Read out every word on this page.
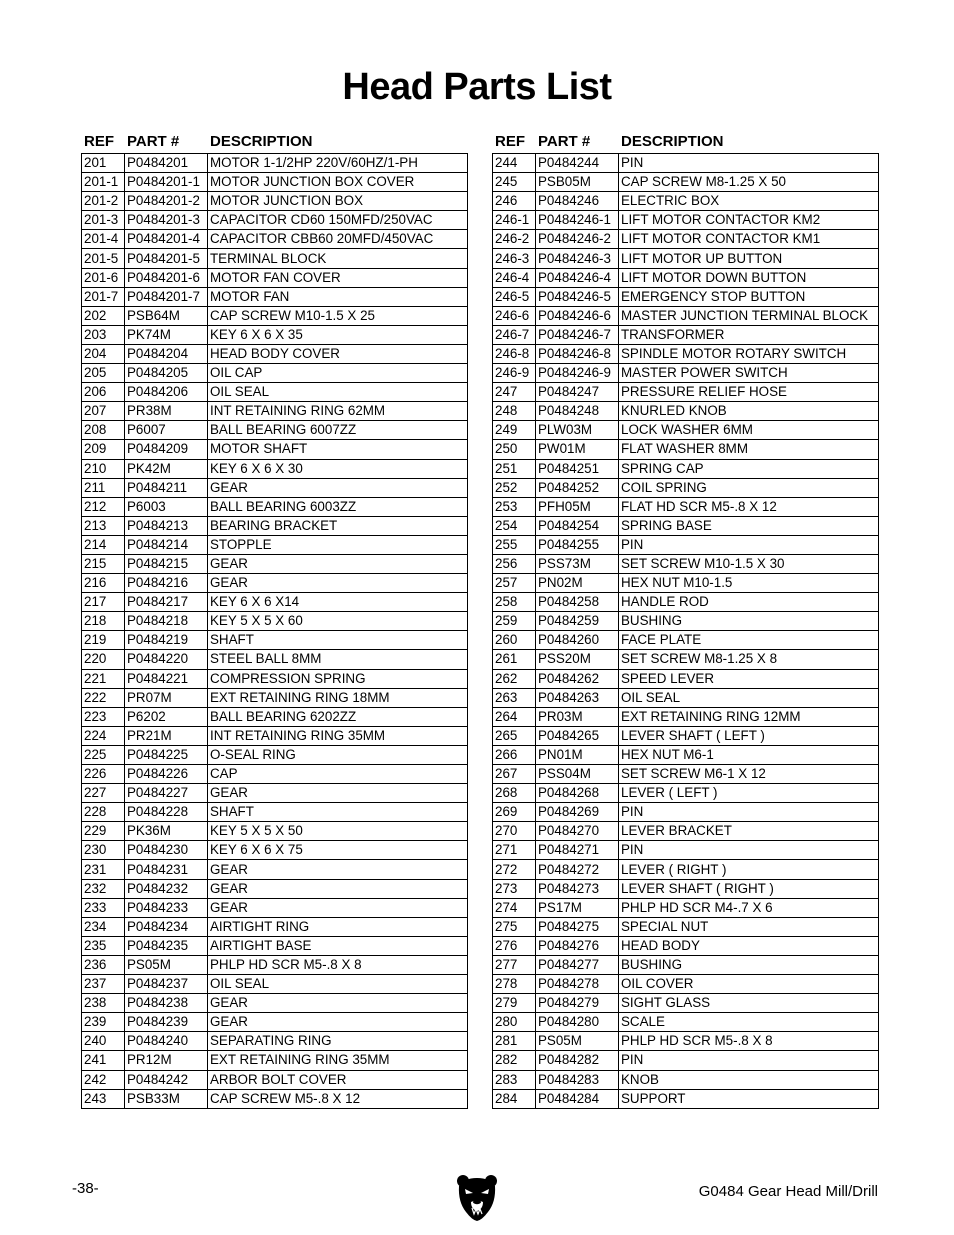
Head Parts List
REF PART # DESCRIPTION
201	P0484201	MOTOR 1-1/2HP 220V/60HZ/1-PH
201-1	P0484201-1	MOTOR JUNCTION BOX COVER
201-2	P0484201-2	MOTOR JUNCTION BOX
201-3	P0484201-3	CAPACITOR CD60 150MFD/250VAC
201-4	P0484201-4	CAPACITOR CBB60 20MFD/450VAC
201-5	P0484201-5	TERMINAL BLOCK
201-6	P0484201-6	MOTOR FAN COVER
201-7	P0484201-7	MOTOR FAN
202	PSB64M	CAP SCREW M10-1.5 X 25
203	PK74M	KEY 6 X 6 X 35
204	P0484204	HEAD BODY COVER
205	P0484205	OIL CAP
206	P0484206	OIL SEAL
207	PR38M	INT RETAINING RING 62MM
208	P6007	BALL BEARING 6007ZZ
209	P0484209	MOTOR SHAFT
210	PK42M	KEY 6 X 6 X 30
211	P0484211	GEAR
212	P6003	BALL BEARING 6003ZZ
213	P0484213	BEARING BRACKET
214	P0484214	STOPPLE
215	P0484215	GEAR
216	P0484216	GEAR
217	P0484217	KEY 6 X 6 X14
218	P0484218	KEY 5 X 5 X 60
219	P0484219	SHAFT
220	P0484220	STEEL BALL 8MM
221	P0484221	COMPRESSION SPRING
222	PR07M	EXT RETAINING RING 18MM
223	P6202	BALL BEARING 6202ZZ
224	PR21M	INT RETAINING RING 35MM
225	P0484225	O-SEAL RING
226	P0484226	CAP
227	P0484227	GEAR
228	P0484228	SHAFT
229	PK36M	KEY 5 X 5 X 50
230	P0484230	KEY 6 X 6 X 75
231	P0484231	GEAR
232	P0484232	GEAR
233	P0484233	GEAR
234	P0484234	AIRTIGHT RING
235	P0484235	AIRTIGHT BASE
236	PS05M	PHLP HD SCR M5-.8 X 8
237	P0484237	OIL SEAL
238	P0484238	GEAR
239	P0484239	GEAR
240	P0484240	SEPARATING RING
241	PR12M	EXT RETAINING RING 35MM
242	P0484242	ARBOR BOLT COVER
243	PSB33M	CAP SCREW M5-.8 X 12
REF PART # DESCRIPTION
244	P0484244	PIN
245	PSB05M	CAP SCREW M8-1.25 X 50
246	P0484246	ELECTRIC BOX
246-1	P0484246-1	LIFT MOTOR CONTACTOR KM2
246-2	P0484246-2	LIFT MOTOR CONTACTOR KM1
246-3	P0484246-3	LIFT MOTOR UP BUTTON
246-4	P0484246-4	LIFT MOTOR DOWN BUTTON
246-5	P0484246-5	EMERGENCY STOP BUTTON
246-6	P0484246-6	MASTER JUNCTION TERMINAL BLOCK
246-7	P0484246-7	TRANSFORMER
246-8	P0484246-8	SPINDLE MOTOR ROTARY SWITCH
246-9	P0484246-9	MASTER POWER SWITCH
247	P0484247	PRESSURE RELIEF HOSE
248	P0484248	KNURLED KNOB
249	PLW03M	LOCK WASHER 6MM
250	PW01M	FLAT WASHER 8MM
251	P0484251	SPRING CAP
252	P0484252	COIL SPRING
253	PFH05M	FLAT HD SCR M5-.8 X 12
254	P0484254	SPRING BASE
255	P0484255	PIN
256	PSS73M	SET SCREW M10-1.5 X 30
257	PN02M	HEX NUT M10-1.5
258	P0484258	HANDLE ROD
259	P0484259	BUSHING
260	P0484260	FACE PLATE
261	PSS20M	SET SCREW M8-1.25 X 8
262	P0484262	SPEED LEVER
263	P0484263	OIL SEAL
264	PR03M	EXT RETAINING RING 12MM
265	P0484265	LEVER SHAFT ( LEFT )
266	PN01M	HEX NUT M6-1
267	PSS04M	SET SCREW M6-1 X 12
268	P0484268	LEVER ( LEFT )
269	P0484269	PIN
270	P0484270	LEVER BRACKET
271	P0484271	PIN
272	P0484272	LEVER ( RIGHT )
273	P0484273	LEVER SHAFT ( RIGHT )
274	PS17M	PHLP HD SCR M4-.7 X 6
275	P0484275	SPECIAL NUT
276	P0484276	HEAD BODY
277	P0484277	BUSHING
278	P0484278	OIL COVER
279	P0484279	SIGHT GLASS
280	P0484280	SCALE
281	PS05M	PHLP HD SCR M5-.8 X 8
282	P0484282	PIN
283	P0484283	KNOB
284	P0484284	SUPPORT
-38-	G0484 Gear Head Mill/Drill
